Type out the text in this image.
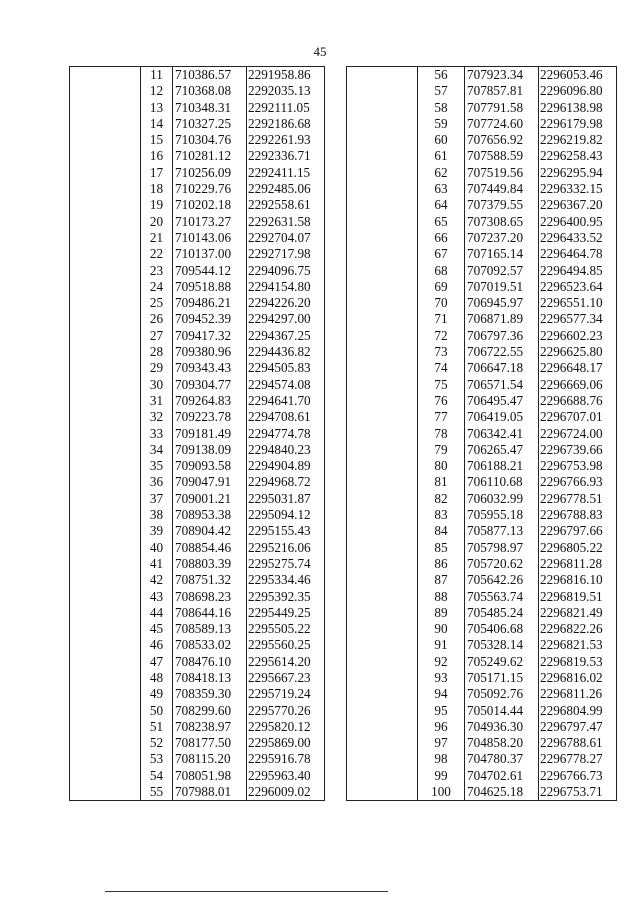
45
	11	710386.57	2291958.86
	12	710368.08	2292035.13
	13	710348.31	2292111.05
	14	710327.25	2292186.68
	15	710304.76	2292261.93
	16	710281.12	2292336.71
	17	710256.09	2292411.15
	18	710229.76	2292485.06
	19	710202.18	2292558.61
	20	710173.27	2292631.58
	21	710143.06	2292704.07
	22	710137.00	2292717.98
	23	709544.12	2294096.75
	24	709518.88	2294154.80
	25	709486.21	2294226.20
	26	709452.39	2294297.00
	27	709417.32	2294367.25
	28	709380.96	2294436.82
	29	709343.43	2294505.83
	30	709304.77	2294574.08
	31	709264.83	2294641.70
	32	709223.78	2294708.61
	33	709181.49	2294774.78
	34	709138.09	2294840.23
	35	709093.58	2294904.89
	36	709047.91	2294968.72
	37	709001.21	2295031.87
	38	708953.38	2295094.12
	39	708904.42	2295155.43
	40	708854.46	2295216.06
	41	708803.39	2295275.74
	42	708751.32	2295334.46
	43	708698.23	2295392.35
	44	708644.16	2295449.25
	45	708589.13	2295505.22
	46	708533.02	2295560.25
	47	708476.10	2295614.20
	48	708418.13	2295667.23
	49	708359.30	2295719.24
	50	708299.60	2295770.26
	51	708238.97	2295820.12
	52	708177.50	2295869.00
	53	708115.20	2295916.78
	54	708051.98	2295963.40
	55	707988.01	2296009.02
	56	707923.34	2296053.46
	57	707857.81	2296096.80
	58	707791.58	2296138.98
	59	707724.60	2296179.98
	60	707656.92	2296219.82
	61	707588.59	2296258.43
	62	707519.56	2296295.94
	63	707449.84	2296332.15
	64	707379.55	2296367.20
	65	707308.65	2296400.95
	66	707237.20	2296433.52
	67	707165.14	2296464.78
	68	707092.57	2296494.85
	69	707019.51	2296523.64
	70	706945.97	2296551.10
	71	706871.89	2296577.34
	72	706797.36	2296602.23
	73	706722.55	2296625.80
	74	706647.18	2296648.17
	75	706571.54	2296669.06
	76	706495.47	2296688.76
	77	706419.05	2296707.01
	78	706342.41	2296724.00
	79	706265.47	2296739.66
	80	706188.21	2296753.98
	81	706110.68	2296766.93
	82	706032.99	2296778.51
	83	705955.18	2296788.83
	84	705877.13	2296797.66
	85	705798.97	2296805.22
	86	705720.62	2296811.28
	87	705642.26	2296816.10
	88	705563.74	2296819.51
	89	705485.24	2296821.49
	90	705406.68	2296822.26
	91	705328.14	2296821.53
	92	705249.62	2296819.53
	93	705171.15	2296816.02
	94	705092.76	2296811.26
	95	705014.44	2296804.99
	96	704936.30	2296797.47
	97	704858.20	2296788.61
	98	704780.37	2296778.27
	99	704702.61	2296766.73
	100	704625.18	2296753.71
